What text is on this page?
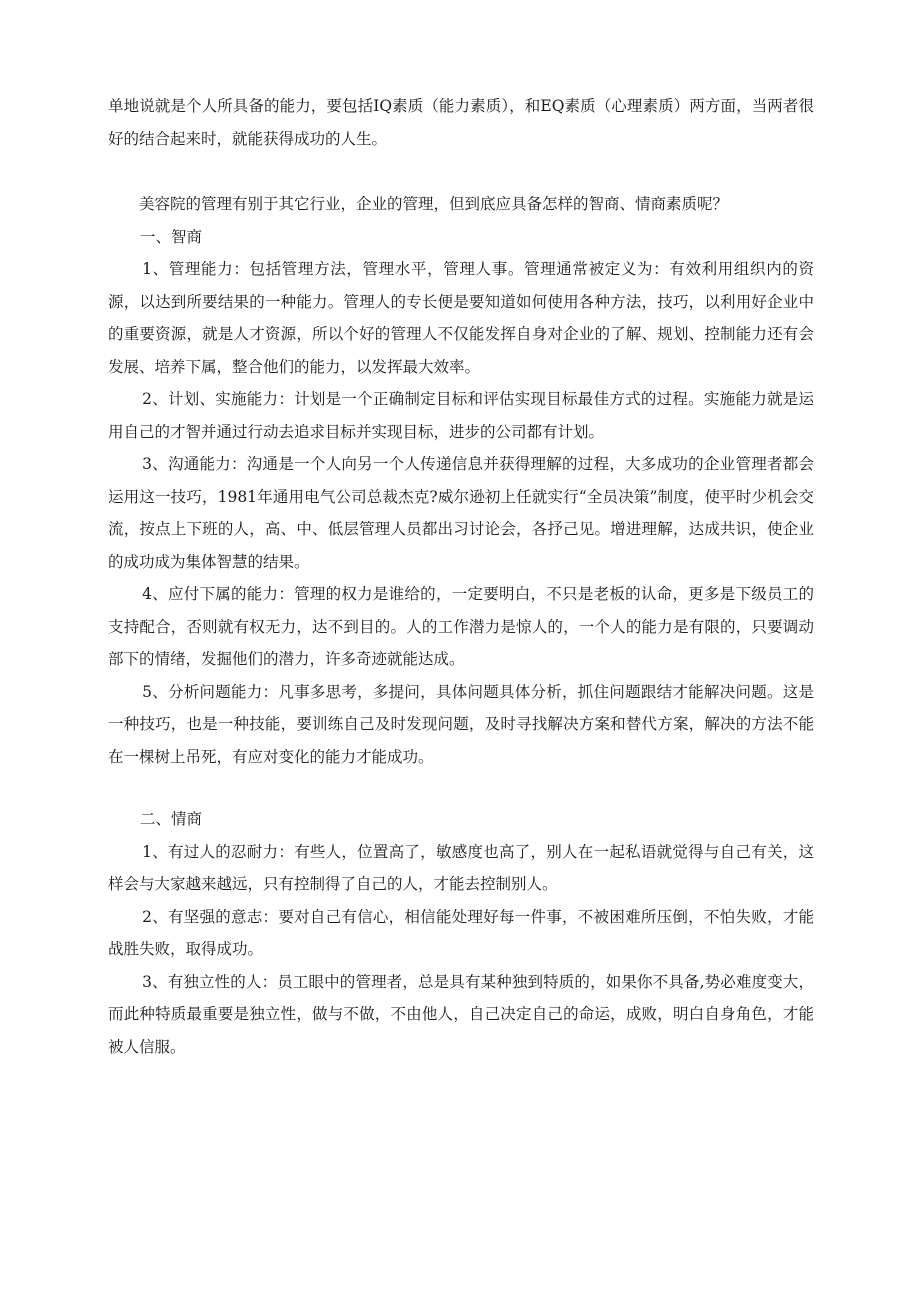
单地说就是个人所具备的能力，要包括IQ素质（能力素质），和EQ素质（心理素质）两方面，当两者很好的结合起来时，就能获得成功的人生。

美容院的管理有别于其它行业，企业的管理，但到底应具备怎样的智商、情商素质呢？

一、智商

1、管理能力：包括管理方法，管理水平，管理人事。管理通常被定义为：有效利用组织内的资源，以达到所要结果的一种能力。管理人的专长便是要知道如何使用各种方法，技巧，以利用好企业中的重要资源，就是人才资源，所以个好的管理人不仅能发挥自身对企业的了解、规划、控制能力还有会发展、培养下属，整合他们的能力，以发挥最大效率。

2、计划、实施能力：计划是一个正确制定目标和评估实现目标最佳方式的过程。实施能力就是运用自己的才智并通过行动去追求目标并实现目标，进步的公司都有计划。

3、沟通能力：沟通是一个人向另一个人传递信息并获得理解的过程，大多成功的企业管理者都会运用这一技巧，1981年通用电气公司总裁杰克?威尔逊初上任就实行“全员决策”制度，使平时少机会交流，按点上下班的人，高、中、低层管理人员都出习讨论会，各抒己见。增进理解，达成共识，使企业的成功成为集体智慧的结果。

4、应付下属的能力：管理的权力是谁给的，一定要明白，不只是老板的认命，更多是下级员工的支持配合，否则就有权无力，达不到目的。人的工作潜力是惊人的，一个人的能力是有限的，只要调动部下的情绪，发掘他们的潜力，许多奇迹就能达成。

5、分析问题能力：凡事多思考，多提问，具体问题具体分析，抓住问题跟结才能解决问题。这是一种技巧，也是一种技能，要训练自己及时发现问题，及时寻找解决方案和替代方案，解决的方法不能在一棵树上吊死，有应对变化的能力才能成功。

二、情商

1、有过人的忍耐力：有些人，位置高了，敏感度也高了，别人在一起私语就觉得与自己有关，这样会与大家越来越远，只有控制得了自己的人，才能去控制别人。

2、有坚强的意志：要对自己有信心，相信能处理好每一件事，不被困难所压倒，不怕失败，才能战胜失败，取得成功。

3、有独立性的人：员工眼中的管理者，总是具有某种独到特质的，如果你不具备,势必难度变大，而此种特质最重要是独立性，做与不做，不由他人，自己决定自己的命运，成败，明白自身角色，才能被人信服。
